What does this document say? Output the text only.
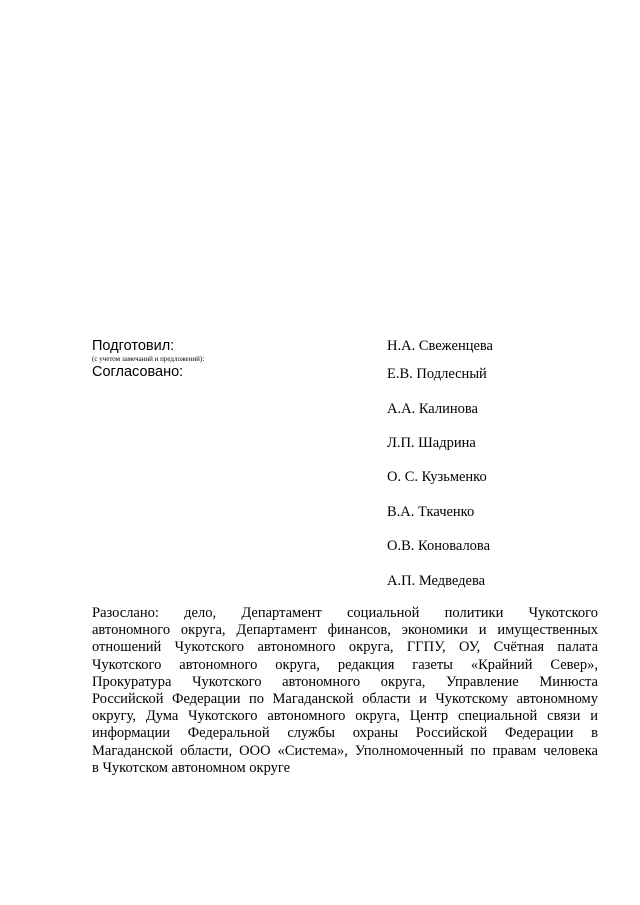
Подготовил:
(с учетом замечаний и предложений):
Согласовано:
Н.А. Свеженцева
Е.В. Подлесный
А.А. Калинова
Л.П. Шадрина
О. С. Кузьменко
В.А. Ткаченко
О.В. Коновалова
А.П. Медведева
Разослано: дело, Департамент социальной политики Чукотского
автономного округа, Департамент финансов, экономики и имущественных
отношений Чукотского автономного округа, ГГПУ, ОУ, Счётная палата
Чукотского автономного округа, редакция газеты «Крайний Север»,
Прокуратура Чукотского автономного округа, Управление Минюста
Российской Федерации по Магаданской области и Чукотскому автономному
округу, Дума Чукотского автономного округа, Центр специальной связи и
информации Федеральной службы охраны Российской Федерации в
Магаданской области, ООО «Система», Уполномоченный по правам человека
в Чукотском автономном округе
